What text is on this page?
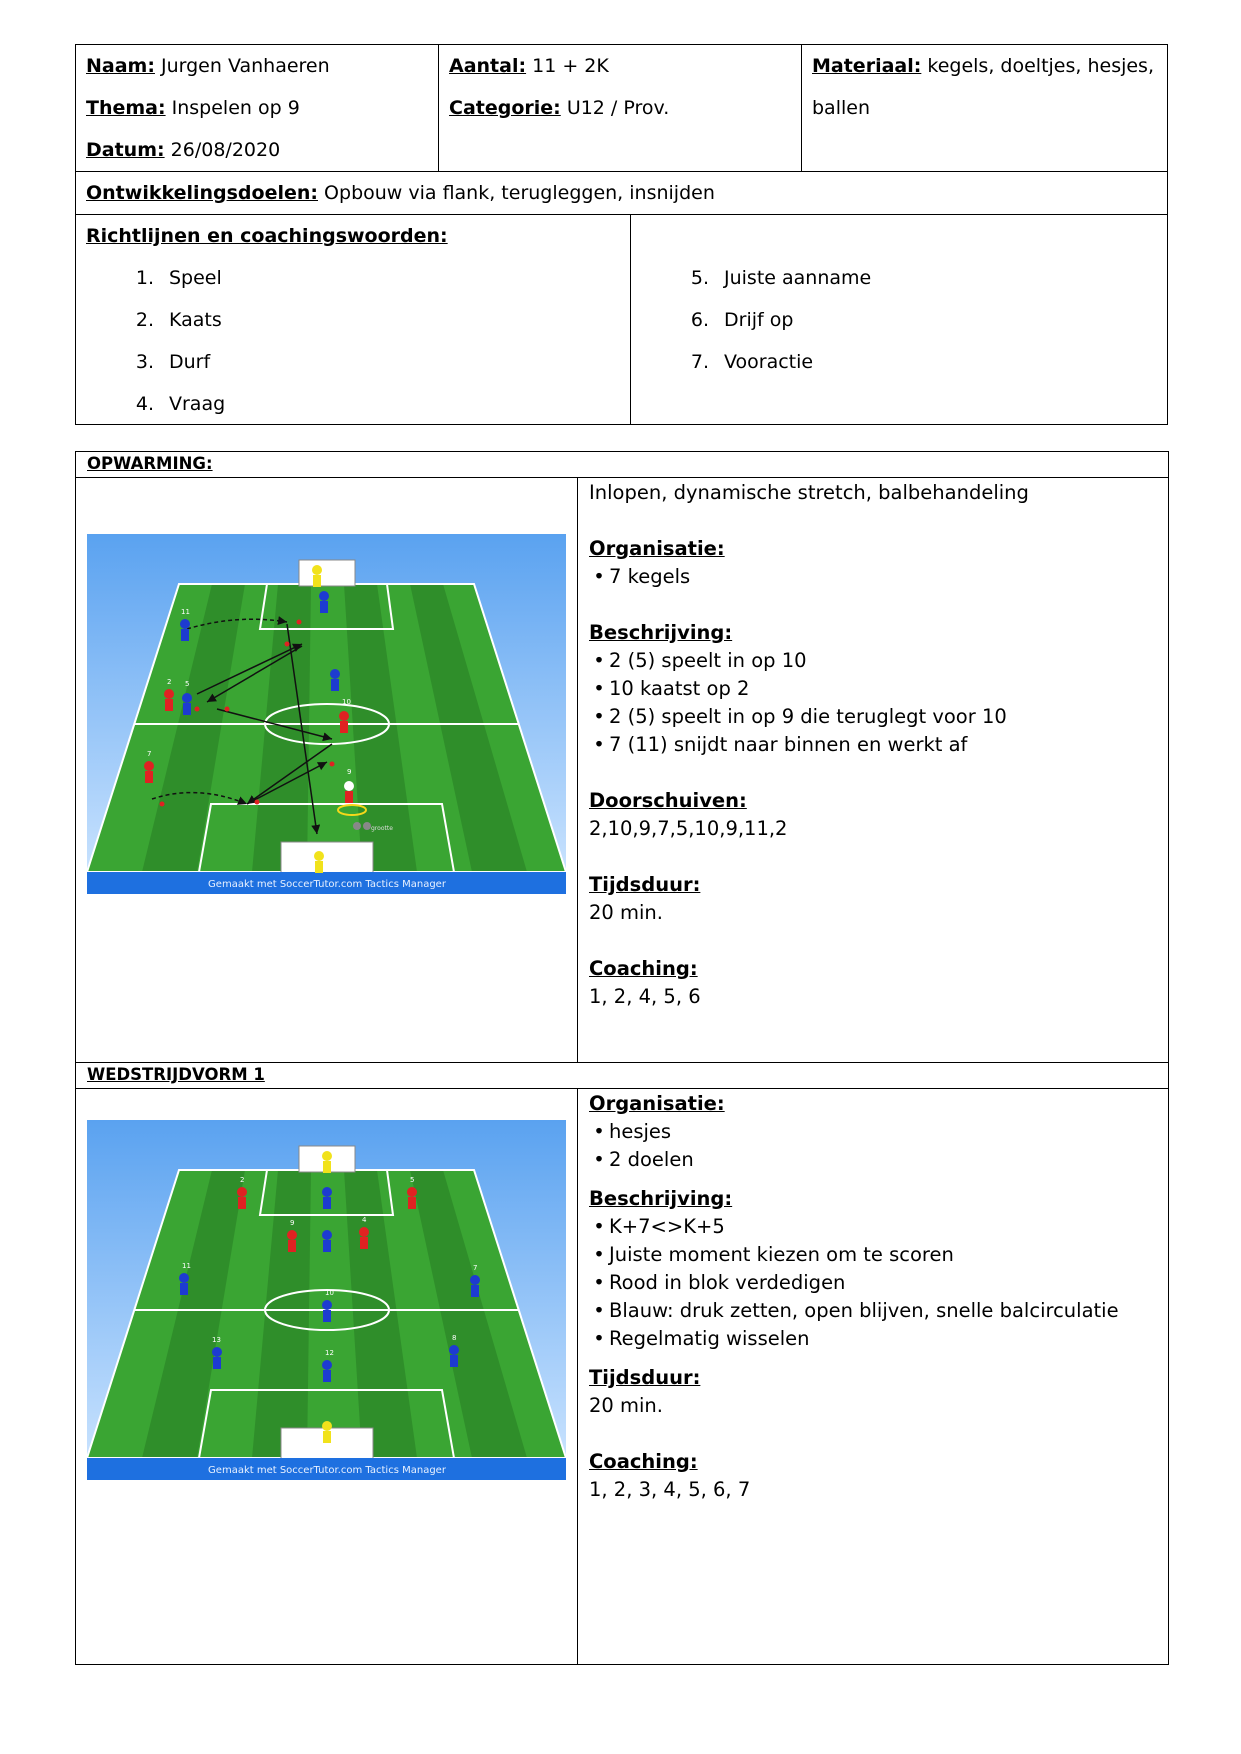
Naam: Jurgen Vanhaeren
Thema: Inspelen op 9
Datum: 26/08/2020

Aantal: 11 + 2K
Categorie: U12 / Prov.

Materiaal: kegels, doeltjes, hesjes,
ballen

Ontwikkelingsdoelen: Opbouw via flank, terugleggen, insnijden

Richtlijnen en coachingswoorden:
1. Speel
2. Kaats
3. Durf
4. Vraag
5. Juiste aanname
6. Drijf op
7. Vooractie
OPWARMING:
WEDSTRIJDVORM 1
Gemaakt met SoccerTutor.com Tactics Manager
11
2 5
7
10
9
grootte
Inlopen, dynamische stretch, balbehandeling
Organisatie:
• 7 kegels
Beschrijving:
• 2 (5) speelt in op 10
• 10 kaatst op 2
• 2 (5) speelt in op 9 die teruglegt voor 10
• 7 (11) snijdt naar binnen en werkt af
Doorschuiven:
2,10,9,7,5,10,9,11,2
Tijdsduur:
20 min.
Coaching:
1, 2, 4, 5, 6
Gemaakt met SoccerTutor.com Tactics Manager
2	5
9	4
11
10
7
13
12
8
Organisatie:
• hesjes
• 2 doelen
Beschrijving:
• K+7<>K+5
• Juiste moment kiezen om te scoren
• Rood in blok verdedigen
• Blauw: druk zetten, open blijven, snelle balcirculatie
• Regelmatig wisselen
Tijdsduur:
20 min.
Coaching:
1, 2, 3, 4, 5, 6, 7
